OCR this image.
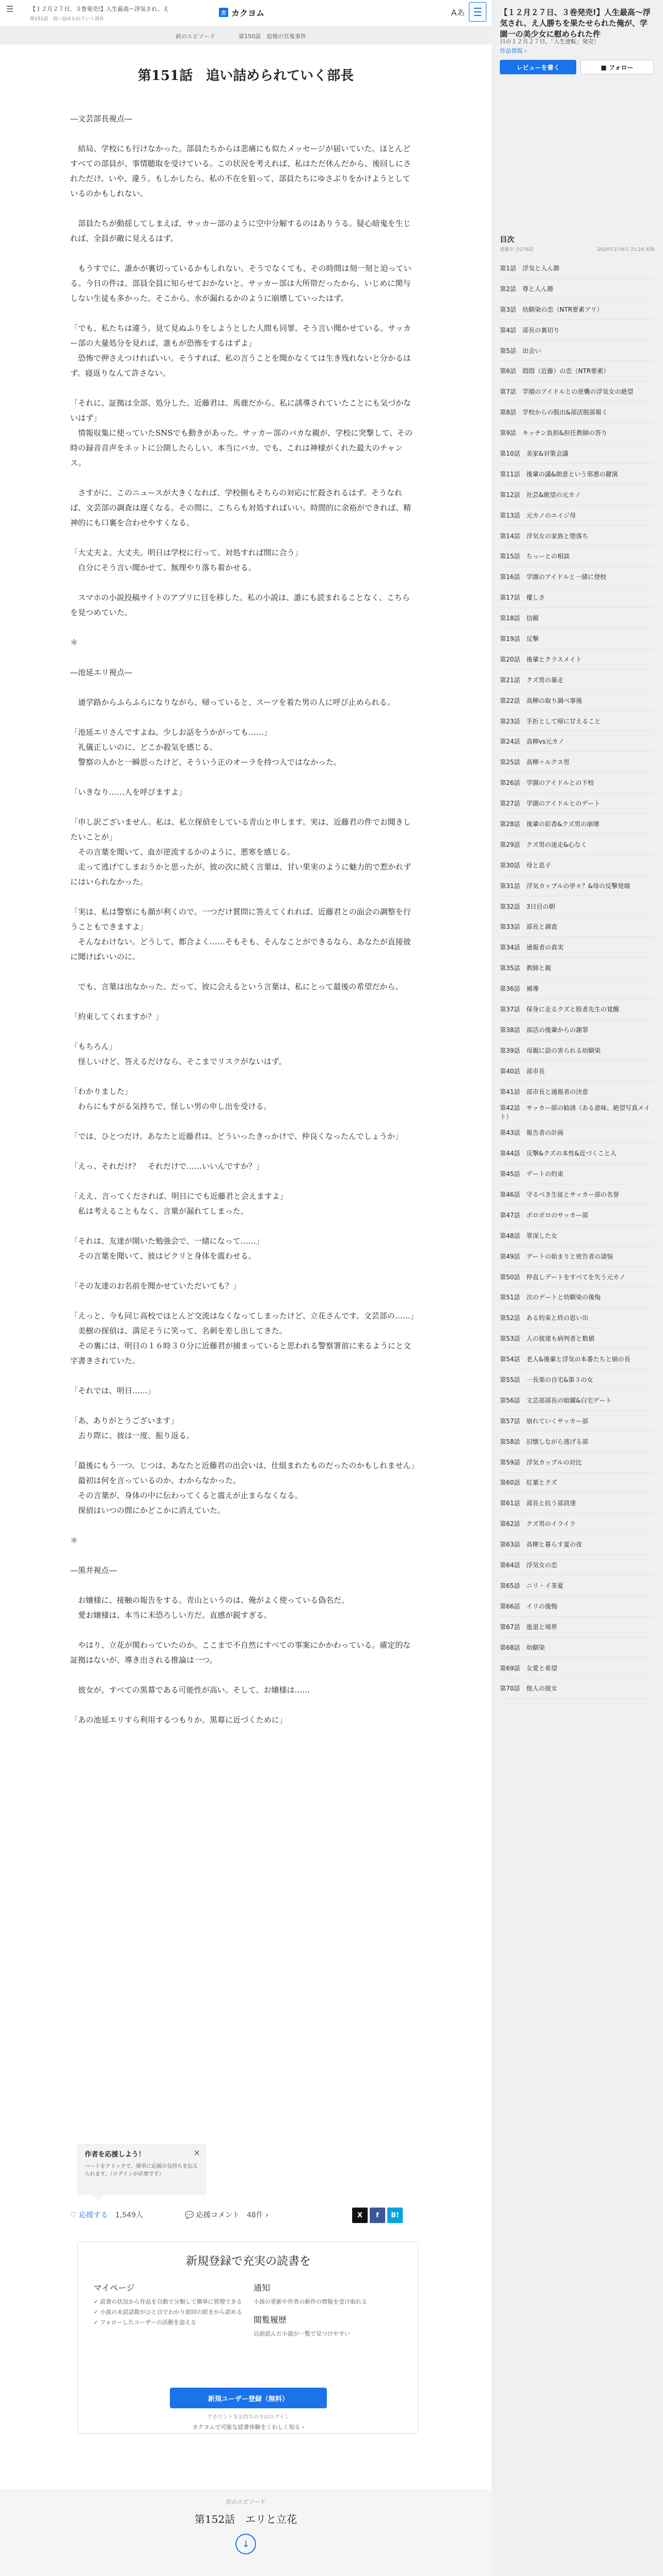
☰	【１２月２７日、３巻発売!】人生最高～浮気され、え
第151話　追い詰められていく部長
カ カクヨム	Aあ
前のエピソード	第150話　追憶の冥鬼事件
第151話　追い詰められていく部長

―文芸部長視点―

　結局、学校にも行けなかった。部員たちからは悲痛にも似たメッセージが届いていた。ほとんどすべての部員が、事情聴取を受けている。この状況を考えれば、私はただ休んだから、後回しにされただけ。いや、違う。もしかしたら、私の不在を狙って、部員たちにゆさぶりをかけようとしているのかもしれない。

　部員たちが動揺してしまえば、サッカー部のように空中分解するのはありうる。疑心暗鬼を生じれば、全員が敵に見えるはず。

　もうすでに、誰かが裏切っているかもしれない。そうでなくても、その時間は刻一刻と迫っている。今日の件は、部員全員に知らせておかないと。サッカー部は大所帯だったから、いじめに関与しない生徒も多かった。そこから、水が漏れるかのように崩壊していったはず。

「でも、私たちは違う。見て見ぬふりをしようとした人間も同罪。そう言い聞かせている。サッカー部の大量処分を見れば、誰もが恐怖をするはずよ」

　恐怖で押さえつければいい。そうすれば、私の言うことを聞かなくては生き残れないと分かるはず。寝返りなんて許さない。

「それに、証拠は全部、処分した。近藤君は、馬鹿だから、私に誘導されていたことにも気づかないはず」

　情報収集に使っていたSNSでも動きがあった。サッカー部のバカな親が、学校に突撃して、その時の録音音声をネットに公開したらしい。本当にバカ。でも、これは神様がくれた最大のチャンス。

　さすがに、このニュースが大きくなれば、学校側もそちらの対応に忙殺されるはず。そうなれば、文芸部の調査は遅くなる。その間に、こちらも対処すればいい。時間的に余裕ができれば、精神的にも口裏を合わせやすくなる。

「大丈夫よ。大丈夫。明日は学校に行って、対処すれば間に合う」

　自分にそう言い聞かせて、無理やり落ち着かせる。

　スマホの小説投稿サイトのアプリに目を移した。私の小説は、誰にも読まれることなく、こちらを見つめていた。

＊

―池延エリ視点―

　通学路からふらふらになりながら、帰っていると、スーツを着た男の人に呼び止められる。

「池延エリさんですよね。少しお話をうかがっても……」

　礼儀正しいのに、どこか殺気を感じる。

　警察の人かと一瞬思ったけど、そういう正のオーラを持つ人ではなかった。

「いきなり……人を呼びますよ」

「申し訳ございません。私は、私立探偵をしている青山と申します。実は、近藤君の件でお聞きしたいことが」

　その言葉を聞いて、血が逆流するかのように、悪寒を感じる。

　走って逃げてしまおうかと思ったが、彼の次に続く言葉は、甘い果実のように魅力的で惹かれずにはいられなかった。

「実は、私は警察にも顔が利くので。一つだけ質問に答えてくれれば、近藤君との面会の調整を行うこともできますよ」

　そんなわけない。どうして、都合よく……そもそも、そんなことができるなら、あなたが直接彼に聞けばいいのに。

　でも、言葉は出なかった。だって、彼に会えるという言葉は、私にとって最後の希望だから。

「約束してくれますか？」

「もちろん」

　怪しいけど、答えるだけなら、そこまでリスクがないはず。

「わかりました」

　わらにもすがる気持ちで、怪しい男の申し出を受ける。

「では、ひとつだけ。あなたと近藤君は、どういったきっかけで、仲良くなったんでしょうか」

「えっ、それだけ？　それだけで……いいんですか？」

「ええ、言ってくだされば、明日にでも近藤君と会えますよ」

　私は考えることもなく、言葉が漏れてしまった。

「それは、友達が開いた勉強会で、一緒になって……」

　その言葉を聞いて、彼はピクリと身体を震わせる。

「その友達のお名前を聞かせていただいても？」

「えっと、今も同じ高校でほとんど交流はなくなってしまったけど、立花さんです。文芸部の……」

　美樹の探偵は、満足そうに笑って、名刺を差し出してきた。

　その裏には、明日の１６時３０分に近藤君が捕まっていると思われる警察署前に来るようにと文字書きされていた。

「それでは、明日……」

「あ、ありがとうございます」

　去り際に、彼は一度、振り返る。

「最後にもう一つ。じつは、あなたと近藤君の出会いは、仕組まれたものだったのかもしれません」

　最初は何を言っているのか、わからなかった。

　その言葉が、身体の中に伝わってくると震えが止まらなくなる。

　探偵はいつの間にかどこかに消えていた。

＊

―黒井視点―

　お嬢様に、接触の報告をする。青山というのは、俺がよく使っている偽名だ。

　愛お嬢様は、本当に末恐ろしい方だ。直感が鋭すぎる。

　やはり、立花が関わっていたのか。ここまで不自然にすべての事案にかかわっている。確定的な証拠はないが、導き出される推論は一つ。

　彼女が、すべての黒幕である可能性が高い。そして、お嬢様は……

「あの池延エリすら利用するつもりか。黒幕に近づくために」

作者を応援しよう！
ハートをクリックで、簡単に応援の気持ちを伝えられます。（ログインが必要です）
×
♡ 応援する　 1,549人	💬 応援コメント　 48件 ›	X	f	B!
新規登録で充実の読書を
マイページ
✓ 読書の状況から作品を自動で分類して簡単に管理できる
✓ 小説の未読話数がひと目でわかり前回の続きから読める
✓ フォローしたユーザーの活動を追える
通知
小説の更新や作者の新作の情報を受け取れる
閲覧履歴
以前読んだ小説が一覧で見つけやすい
新規ユーザー登録（無料）
アカウントをお持ちの方はログイン
カクヨムで可能な読書体験をくわしく知る ›
次のエピソード
第152話　エリと立花
↓
【１２月２７日、３巻発売!】人生最高～浮気され、え人勝ちを果たせられた俺が、学園一の美少女に慰められた件
日の１２月２７日、「人生逆転」発売！
作品情報 ›
レビューを書く	■ フォロー
目次
連載中 全278話	2024年2月6日 21:24 更新
第1話　浮気と人ん勝
第2話　尊と人ん勝
第3話　幼馴染の恋（NTR要素アリ）
第4話　部長の裏切り
第5話　出会い
第6話　悶悶（近藤）の恋（NTR要素）
第7話　学園のアイドルとの逆襲の浮気女の絶望
第8話　学校からの脱出&部活脱部報く
第9話　キッチン負担&担任教師の答り
第10話　美家&対策会議
第11話　後輩の議&朗意という邪悪の鍵演
第12話　社芸&絶望の元カノ
第13話　元カノのエイジ母
第14話　浮気女の家族と堕落ち
第15話　ちっーとの相談
第16話　学園のアイドルと一緒に登校
第17話　優しさ
第18話　信頼
第19話　反撃
第20話　後輩とクラスメイト
第21話　クズ男の暴走
第22話　高柳の取り調べ事後
第23話　手折として帰に甘えること
第24話　高柳vs元カノ
第25話　高柳＋ルクス男
第26話　学園のアイドルとの下校
第27話　学園のアイドルとのデート
第28話　後輩の彩香&クズ男の崩壊
第29話　クズ男の迷走&心なく
第30話　母と息子
第31話　浮気カップルの亭々？&母の反撃発端
第32話　3日目の朝
第33話　部長と調査
第34話　通報者の真実
第35話　教師と親
第36話　補導
第37話　保身に走るクズと股者先生の覚醒
第38話　部活の後輩からの謝罪
第39話　母親に語の害られる幼馴染
第40話　部市長
第41話　部市長と通報者の決意
第42話　サッカー部の勧誘（ある意味、絶望写真メイト）
第43話　報告者の計画
第44話　反撃&クズの本性&近づくこと人
第45話　デートの約束
第46話　守るべき生徒とサッカー部の名誉
第47話　ボロボロのサッカー部
第48話　罪深した女
第49話　デートの始まりと密告者の諸悩
第50話　仲直しデートをすべてを失う元カノ
第51話　次のデートと幼馴染の後悔
第52話　ある約束と終の思い出
第53話　人の彼達も病判者と数値
第54話　老人&後輩と浮気の本番たちと崩の長
第55話　一長楽の自宅&第３の女
第56話　文芸部部長の暗躍&白宅デート
第57話　崩れていくサッカー部
第58話　旧懐しながら逃げる部
第59話　浮気カップルの対比
第60話　紅葉とクズ
第61話　部長と抗う部員達
第62話　クズ男のイライラ
第63話　高柳と暮らす夏の夜
第64話　浮気女の恋
第65話　ニリ・イ茶夏
第66話　イリの後悔
第67話　進退と境界
第68話　幼馴染
第69話　女愛と希望
第70話　他人の彼女
